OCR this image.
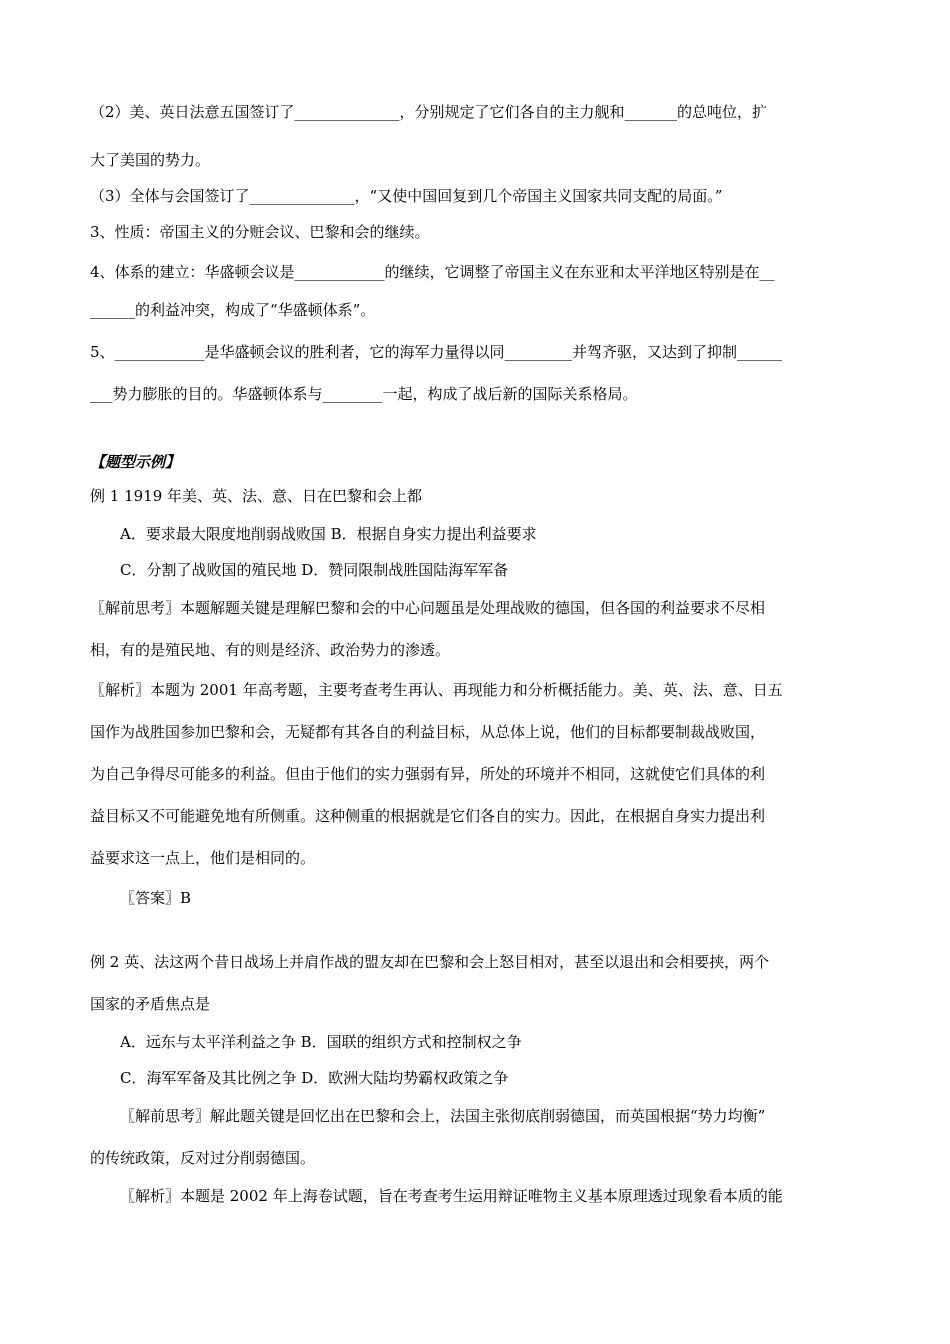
（2）美、英日法意五国签订了______________，分别规定了它们各自的主力舰和_______的总吨位，扩
大了美国的势力。
（3）全体与会国签订了______________，“又使中国回复到几个帝国主义国家共同支配的局面。”
3、性质：帝国主义的分赃会议、巴黎和会的继续。
4、体系的建立：华盛顿会议是____________的继续，它调整了帝国主义在东亚和太平洋地区特别是在__
______的利益冲突，构成了“华盛顿体系”。
5、____________是华盛顿会议的胜利者，它的海军力量得以同_________并驾齐驱，又达到了抑制______
___势力膨胀的目的。华盛顿体系与________一起，构成了战后新的国际关系格局。
【题型示例】
例 1 1919 年美、英、法、意、日在巴黎和会上都
A．要求最大限度地削弱战败国 B．根据自身实力提出利益要求
C．分割了战败国的殖民地 D．赞同限制战胜国陆海军军备
〖解前思考〗本题解题关键是理解巴黎和会的中心问题虽是处理战败的德国，但各国的利益要求不尽相
相，有的是殖民地、有的则是经济、政治势力的渗透。
〖解析〗本题为 2001 年高考题，主要考查考生再认、再现能力和分析概括能力。美、英、法、意、日五
国作为战胜国参加巴黎和会，无疑都有其各自的利益目标，从总体上说，他们的目标都要制裁战败国，
为自己争得尽可能多的利益。但由于他们的实力强弱有异，所处的环境并不相同，这就使它们具体的利
益目标又不可能避免地有所侧重。这种侧重的根据就是它们各自的实力。因此，在根据自身实力提出利
益要求这一点上，他们是相同的。
〖答案〗B
例 2 英、法这两个昔日战场上并肩作战的盟友却在巴黎和会上怒目相对，甚至以退出和会相要挟，两个
国家的矛盾焦点是
A．远东与太平洋利益之争 B．国联的组织方式和控制权之争
C．海军军备及其比例之争 D．欧洲大陆均势霸权政策之争
〖解前思考〗解此题关键是回忆出在巴黎和会上，法国主张彻底削弱德国，而英国根据“势力均衡”
的传统政策，反对过分削弱德国。
〖解析〗本题是 2002 年上海卷试题，旨在考查考生运用辩证唯物主义基本原理透过现象看本质的能
